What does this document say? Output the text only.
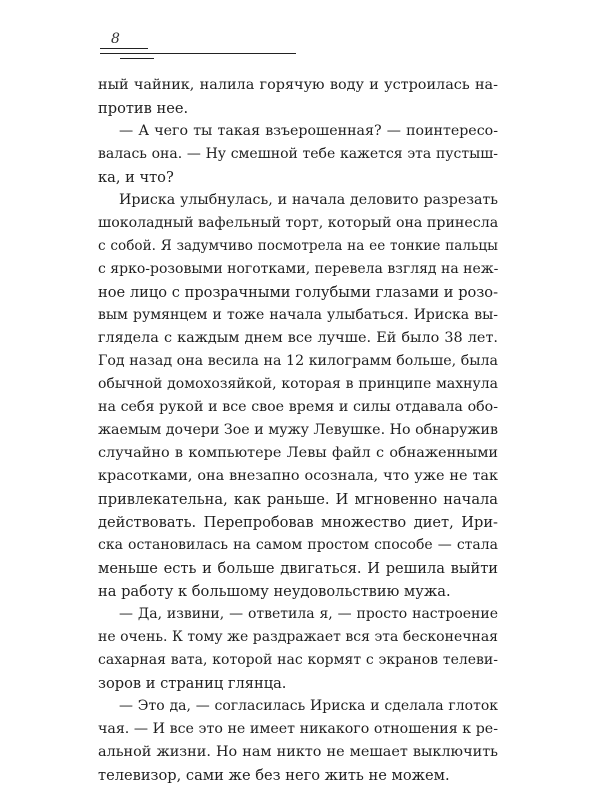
8
ный чайник, налила горячую воду и устроилась на-
против нее.
— А чего ты такая взъерошенная? — поинтересо-
валась она. — Ну смешной тебе кажется эта пустыш-
ка, и что?
Ириска улыбнулась, и начала деловито разрезать
шоколадный вафельный торт, который она принесла
с собой. Я задумчиво посмотрела на ее тонкие пальцы
с ярко-розовыми ноготками, перевела взгляд на неж-
ное лицо с прозрачными голубыми глазами и розо-
вым румянцем и тоже начала улыбаться. Ириска вы-
глядела с каждым днем все лучше. Ей было 38 лет.
Год назад она весила на 12 килограмм больше, была
обычной домохозяйкой, которая в принципе махнула
на себя рукой и все свое время и силы отдавала обо-
жаемым дочери Зое и мужу Левушке. Но обнаружив
случайно в компьютере Левы файл с обнаженными
красотками, она внезапно осознала, что уже не так
привлекательна, как раньше. И мгновенно начала
действовать. Перепробовав множество диет, Ири-
ска остановилась на самом простом способе — стала
меньше есть и больше двигаться. И решила выйти
на работу к большому неудовольствию мужа.
— Да, извини, — ответила я, — просто настроение
не очень. К тому же раздражает вся эта бесконечная
сахарная вата, которой нас кормят с экранов телеви-
зоров и страниц глянца.
— Это да, — согласилась Ириска и сделала глоток
чая. — И все это не имеет никакого отношения к ре-
альной жизни. Но нам никто не мешает выключить
телевизор, сами же без него жить не можем.
